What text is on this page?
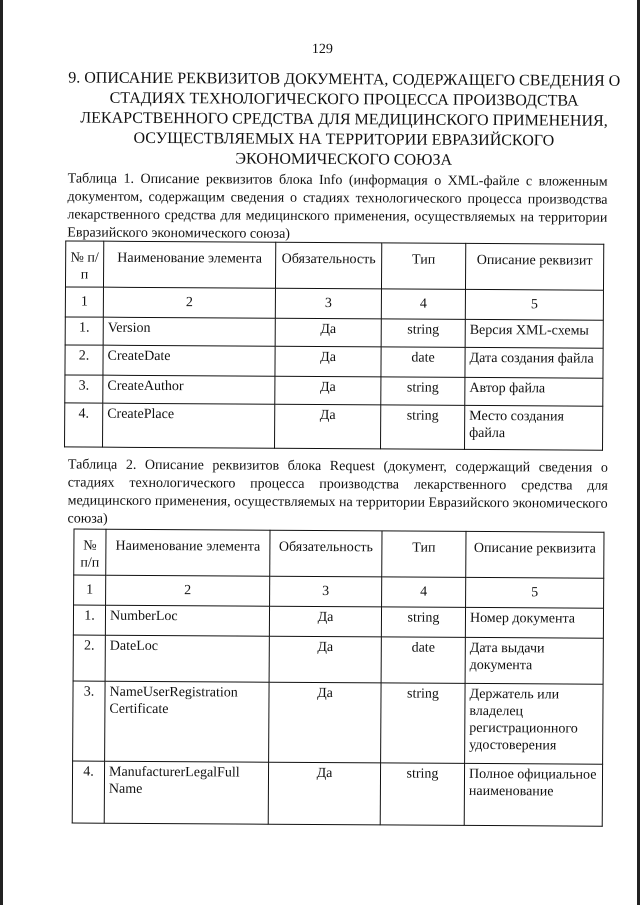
129
9. ОПИСАНИЕ РЕКВИЗИТОВ ДОКУМЕНТА, СОДЕРЖАЩЕГО СВЕДЕНИЯ О СТАДИЯХ ТЕХНОЛОГИЧЕСКОГО ПРОЦЕССА ПРОИЗВОДСТВА ЛЕКАРСТВЕННОГО СРЕДСТВА ДЛЯ МЕДИЦИНСКОГО ПРИМЕНЕНИЯ, ОСУЩЕСТВЛЯЕМЫХ НА ТЕРРИТОРИИ ЕВРАЗИЙСКОГО ЭКОНОМИЧЕСКОГО СОЮЗА
Таблица 1. Описание реквизитов блока Info (информация о XML-файле с вложенным документом, содержащим сведения о стадиях технологического процесса производства лекарственного средства для медицинского применения, осуществляемых на территории Евразийского экономического союза)
№ п/п	Наименование элемента	Обязательность	Тип	Описание реквизит
1	2	3	4	5
1.	Version	Да	string	Версия XML-схемы
2.	CreateDate	Да	date	Дата создания файла
3.	CreateAuthor	Да	string	Автор файла
4.	CreatePlace	Да	string	Место создания файла
Таблица 2. Описание реквизитов блока Request (документ, содержащий сведения о стадиях технологического процесса производства лекарственного средства для медицинского применения, осуществляемых на территории Евразийского экономического союза)
№ п/п	Наименование элемента	Обязательность	Тип	Описание реквизита
1	2	3	4	5
1.	NumberLoc	Да	string	Номер документа
2.	DateLoc	Да	date	Дата выдачи документа
3.	NameUserRegistration Certificate	Да	string	Держатель или владелец регистрационного удостоверения
4.	ManufacturerLegalFull Name	Да	string	Полное официальное наименование
